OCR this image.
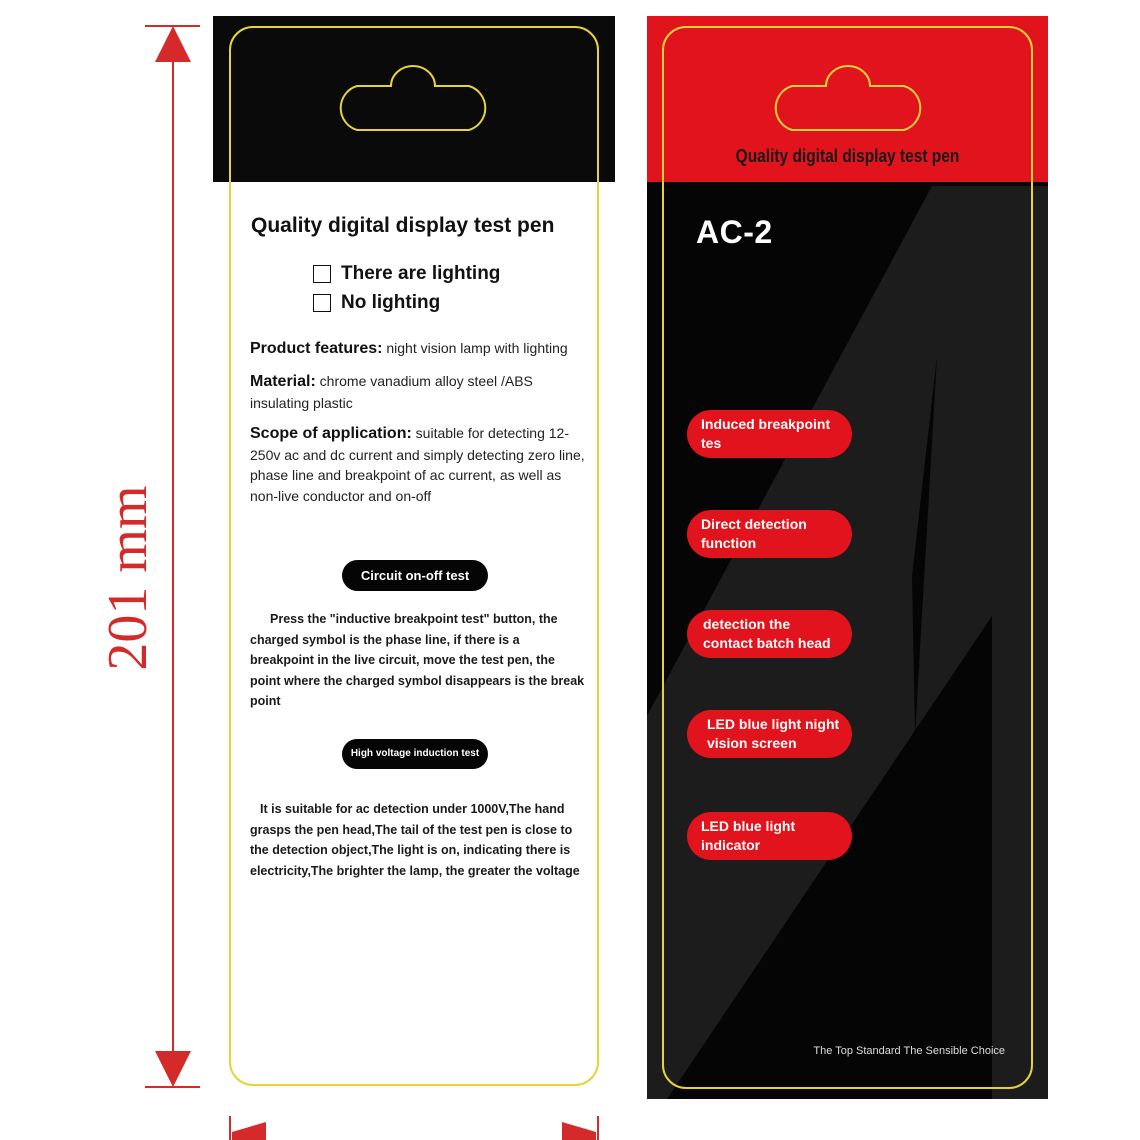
201 mm
Quality digital display test pen
There are lighting
No lighting
Product features: night vision lamp with lighting
Material: chrome vanadium alloy steel /ABS insulating plastic
Scope of application: suitable for detecting 12-250v ac and dc current and simply detecting zero line, phase line and breakpoint of ac current, as well as non-live conductor and on-off
Circuit on-off test
Press the "inductive breakpoint test" button, the charged symbol is the phase line, if there is a breakpoint in the live circuit, move the test pen, the point where the charged symbol disappears is the break point
High voltage induction test
It is suitable for ac detection under 1000V,The hand grasps the pen head,The tail of the test pen is close to the detection object,The light is on, indicating there is electricity,The brighter the lamp, the greater the voltage
Quality digital display test pen
AC-2
Induced breakpoint tes
Direct detection function
detection the contact batch head
LED blue light night vision screen
LED blue light indicator
The Top Standard The Sensible Choice
